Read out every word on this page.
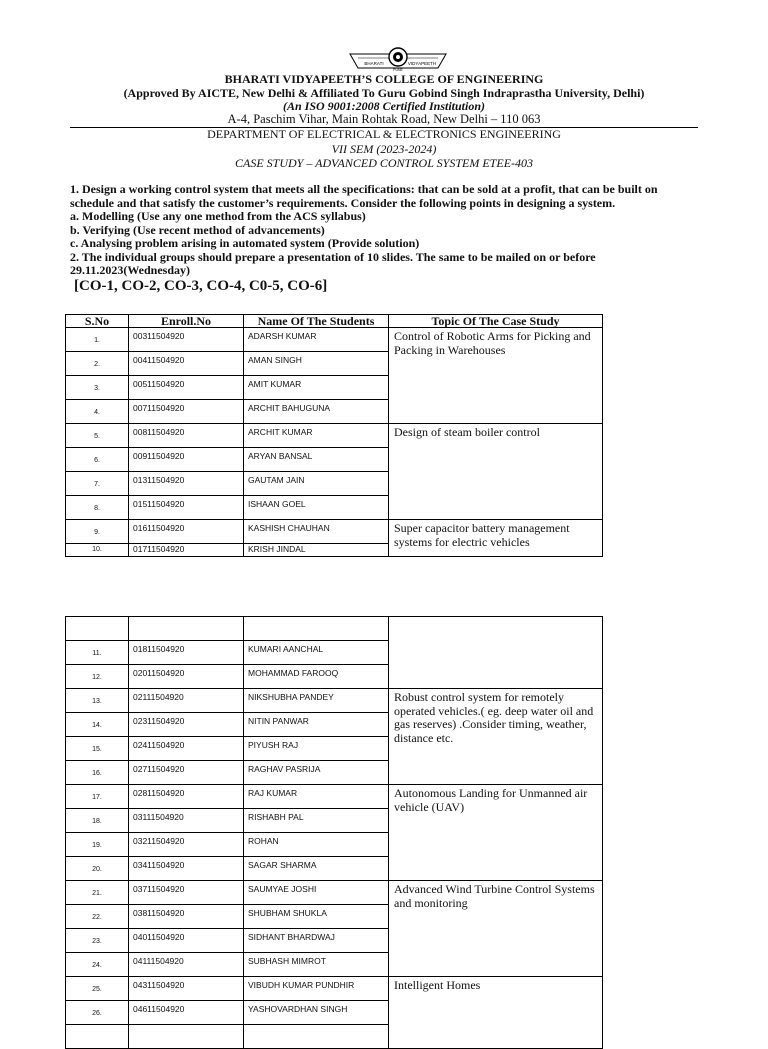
BHARATI	VIDYAPEETH
PUNE
BHARATI VIDYAPEETH’S COLLEGE OF ENGINEERING
(Approved By AICTE, New Delhi & Affiliated To Guru Gobind Singh Indraprastha University, Delhi)
(An ISO 9001:2008 Certified Institution)
A-4, Paschim Vihar, Main Rohtak Road, New Delhi – 110 063
DEPARTMENT OF ELECTRICAL & ELECTRONICS ENGINEERING
VII SEM (2023-2024)
CASE STUDY – ADVANCED CONTROL SYSTEM ETEE-403

1. Design a working control system that meets all the specifications: that can be sold at a profit, that can be built on schedule and that satisfy the customer’s requirements. Consider the following points in designing a system.

a. Modelling (Use any one method from the ACS syllabus)

b. Verifying (Use recent method of advancements)

c. Analysing problem arising in automated system (Provide solution)

2. The individual groups should prepare a presentation of 10 slides. The same to be mailed on or before 29.11.2023(Wednesday)

[CO-1, CO-2, CO-3, CO-4, C0-5, CO-6]
S.No	Enroll.No	Name Of The Students	Topic Of The Case Study
1.	00311504920	ADARSH KUMAR	Control of Robotic Arms for Picking and Packing in Warehouses
2.	00411504920	AMAN SINGH	
3.	00511504920	AMIT KUMAR	
4.	00711504920	ARCHIT BAHUGUNA	
5.	00811504920	ARCHIT KUMAR	Design of steam boiler control
6.	00911504920	ARYAN BANSAL	
7.	01311504920	GAUTAM JAIN	
8.	01511504920	ISHAAN GOEL	
9.	01611504920	KASHISH CHAUHAN	Super capacitor battery management systems for electric vehicles
10.	01711504920	KRISH JINDAL	

11.	01811504920	KUMARI AANCHAL	
12.	02011504920	MOHAMMAD FAROOQ	
13.	02111504920	NIKSHUBHA PANDEY	Robust control system for remotely operated vehicles.( eg. deep water oil and gas reserves) .Consider timing, weather, distance etc.
14.	02311504920	NITIN PANWAR	
15.	02411504920	PIYUSH RAJ	
16.	02711504920	RAGHAV PASRIJA	
17.	02811504920	RAJ KUMAR	Autonomous Landing for Unmanned air vehicle (UAV)
18.	03111504920	RISHABH PAL	
19.	03211504920	ROHAN	
20.	03411504920	SAGAR SHARMA	
21.	03711504920	SAUMYAE JOSHI	Advanced Wind Turbine Control Systems and monitoring
22.	03811504920	SHUBHAM SHUKLA	
23.	04011504920	SIDHANT BHARDWAJ	
24.	04111504920	SUBHASH MIMROT	
25.	04311504920	VIBUDH KUMAR PUNDHIR	Intelligent Homes
26.	04611504920	YASHOVARDHAN SINGH	
